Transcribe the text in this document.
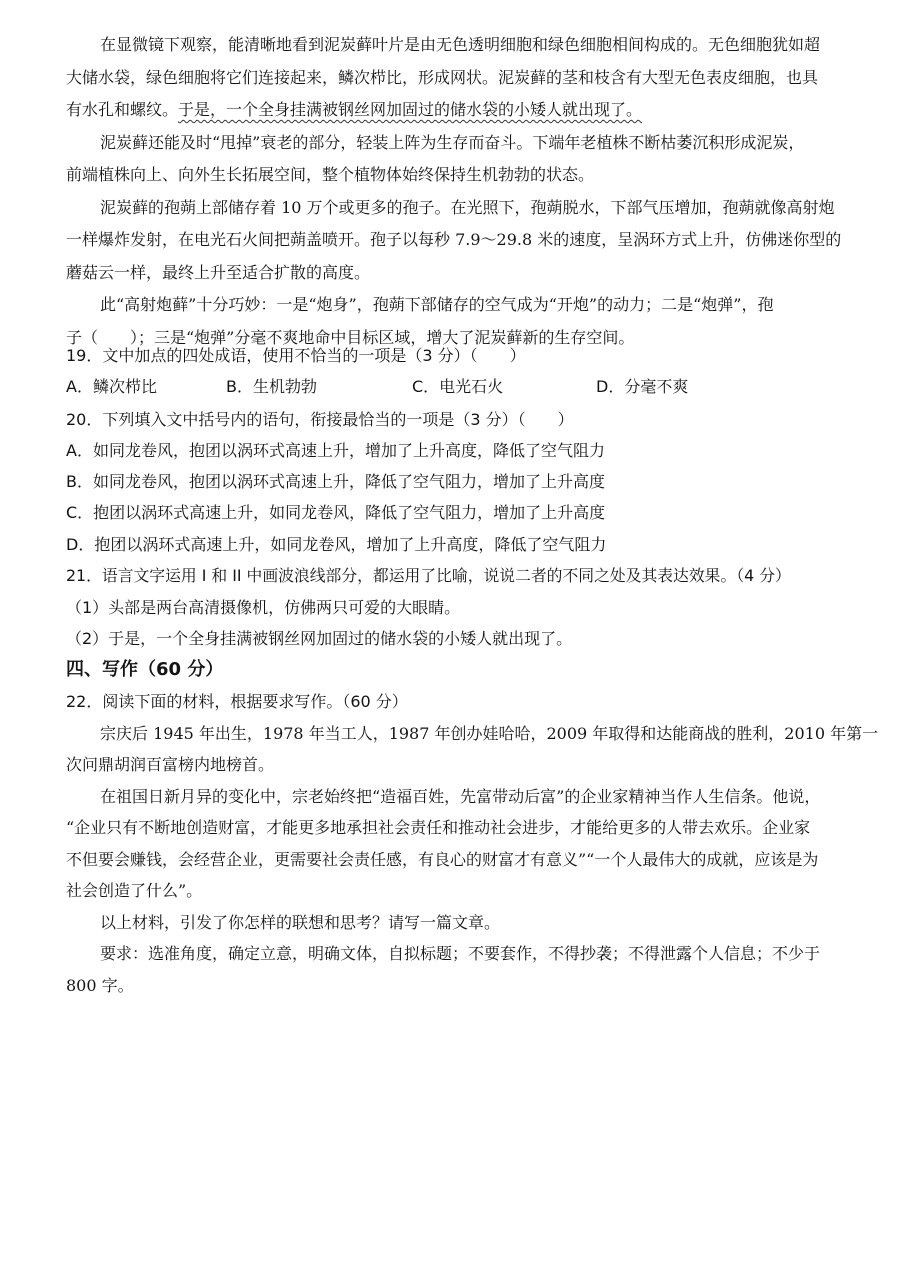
在显微镜下观察，能清晰地看到泥炭藓叶片是由无色透明细胞和绿色细胞相间构成的。无色细胞犹如超
大储水袋，绿色细胞将它们连接起来，鳞次栉比，形成网状。泥炭藓的茎和枝含有大型无色表皮细胞，也具
有水孔和螺纹。于是，一个全身挂满被钢丝网加固过的储水袋的小矮人就出现了。
泥炭藓还能及时“甩掉”衰老的部分，轻装上阵为生存而奋斗。下端年老植株不断枯萎沉积形成泥炭，
前端植株向上、向外生长拓展空间，整个植物体始终保持生机勃勃的状态。
泥炭藓的孢蒴上部储存着 10 万个或更多的孢子。在光照下，孢蒴脱水，下部气压增加，孢蒴就像高射炮
一样爆炸发射，在电光石火间把蒴盖喷开。孢子以每秒 7.9～29.8 米的速度，呈涡环方式上升，仿佛迷你型的
蘑菇云一样，最终上升至适合扩散的高度。
此“高射炮藓”十分巧妙：一是“炮身”，孢蒴下部储存的空气成为“开炮”的动力；二是“炮弹”，孢
子（　　）；三是“炮弹”分毫不爽地命中目标区域，增大了泥炭藓新的生存空间。
19．文中加点的四处成语，使用不恰当的一项是（3 分）（　　）
A．鳞次栉比	B．生机勃勃	C．电光石火	D．分毫不爽
20．下列填入文中括号内的语句，衔接最恰当的一项是（3 分）（　　）
A．如同龙卷风，抱团以涡环式高速上升，增加了上升高度，降低了空气阻力
B．如同龙卷风，抱团以涡环式高速上升，降低了空气阻力，增加了上升高度
C．抱团以涡环式高速上升，如同龙卷风，降低了空气阻力，增加了上升高度
D．抱团以涡环式高速上升，如同龙卷风，增加了上升高度，降低了空气阻力
21．语言文字运用 I 和 II 中画波浪线部分，都运用了比喻，说说二者的不同之处及其表达效果。（4 分）
（1）头部是两台高清摄像机，仿佛两只可爱的大眼睛。
（2）于是，一个全身挂满被钢丝网加固过的储水袋的小矮人就出现了。
四、写作（60 分）
22．阅读下面的材料，根据要求写作。（60 分）
宗庆后 1945 年出生，1978 年当工人，1987 年创办娃哈哈，2009 年取得和达能商战的胜利，2010 年第一
次问鼎胡润百富榜内地榜首。
在祖国日新月异的变化中，宗老始终把“造福百姓，先富带动后富”的企业家精神当作人生信条。他说，
“企业只有不断地创造财富，才能更多地承担社会责任和推动社会进步，才能给更多的人带去欢乐。企业家
不但要会赚钱，会经营企业，更需要社会责任感，有良心的财富才有意义”“一个人最伟大的成就，应该是为
社会创造了什么”。
以上材料，引发了你怎样的联想和思考？请写一篇文章。
要求：选准角度，确定立意，明确文体，自拟标题；不要套作，不得抄袭；不得泄露个人信息；不少于
800 字。
